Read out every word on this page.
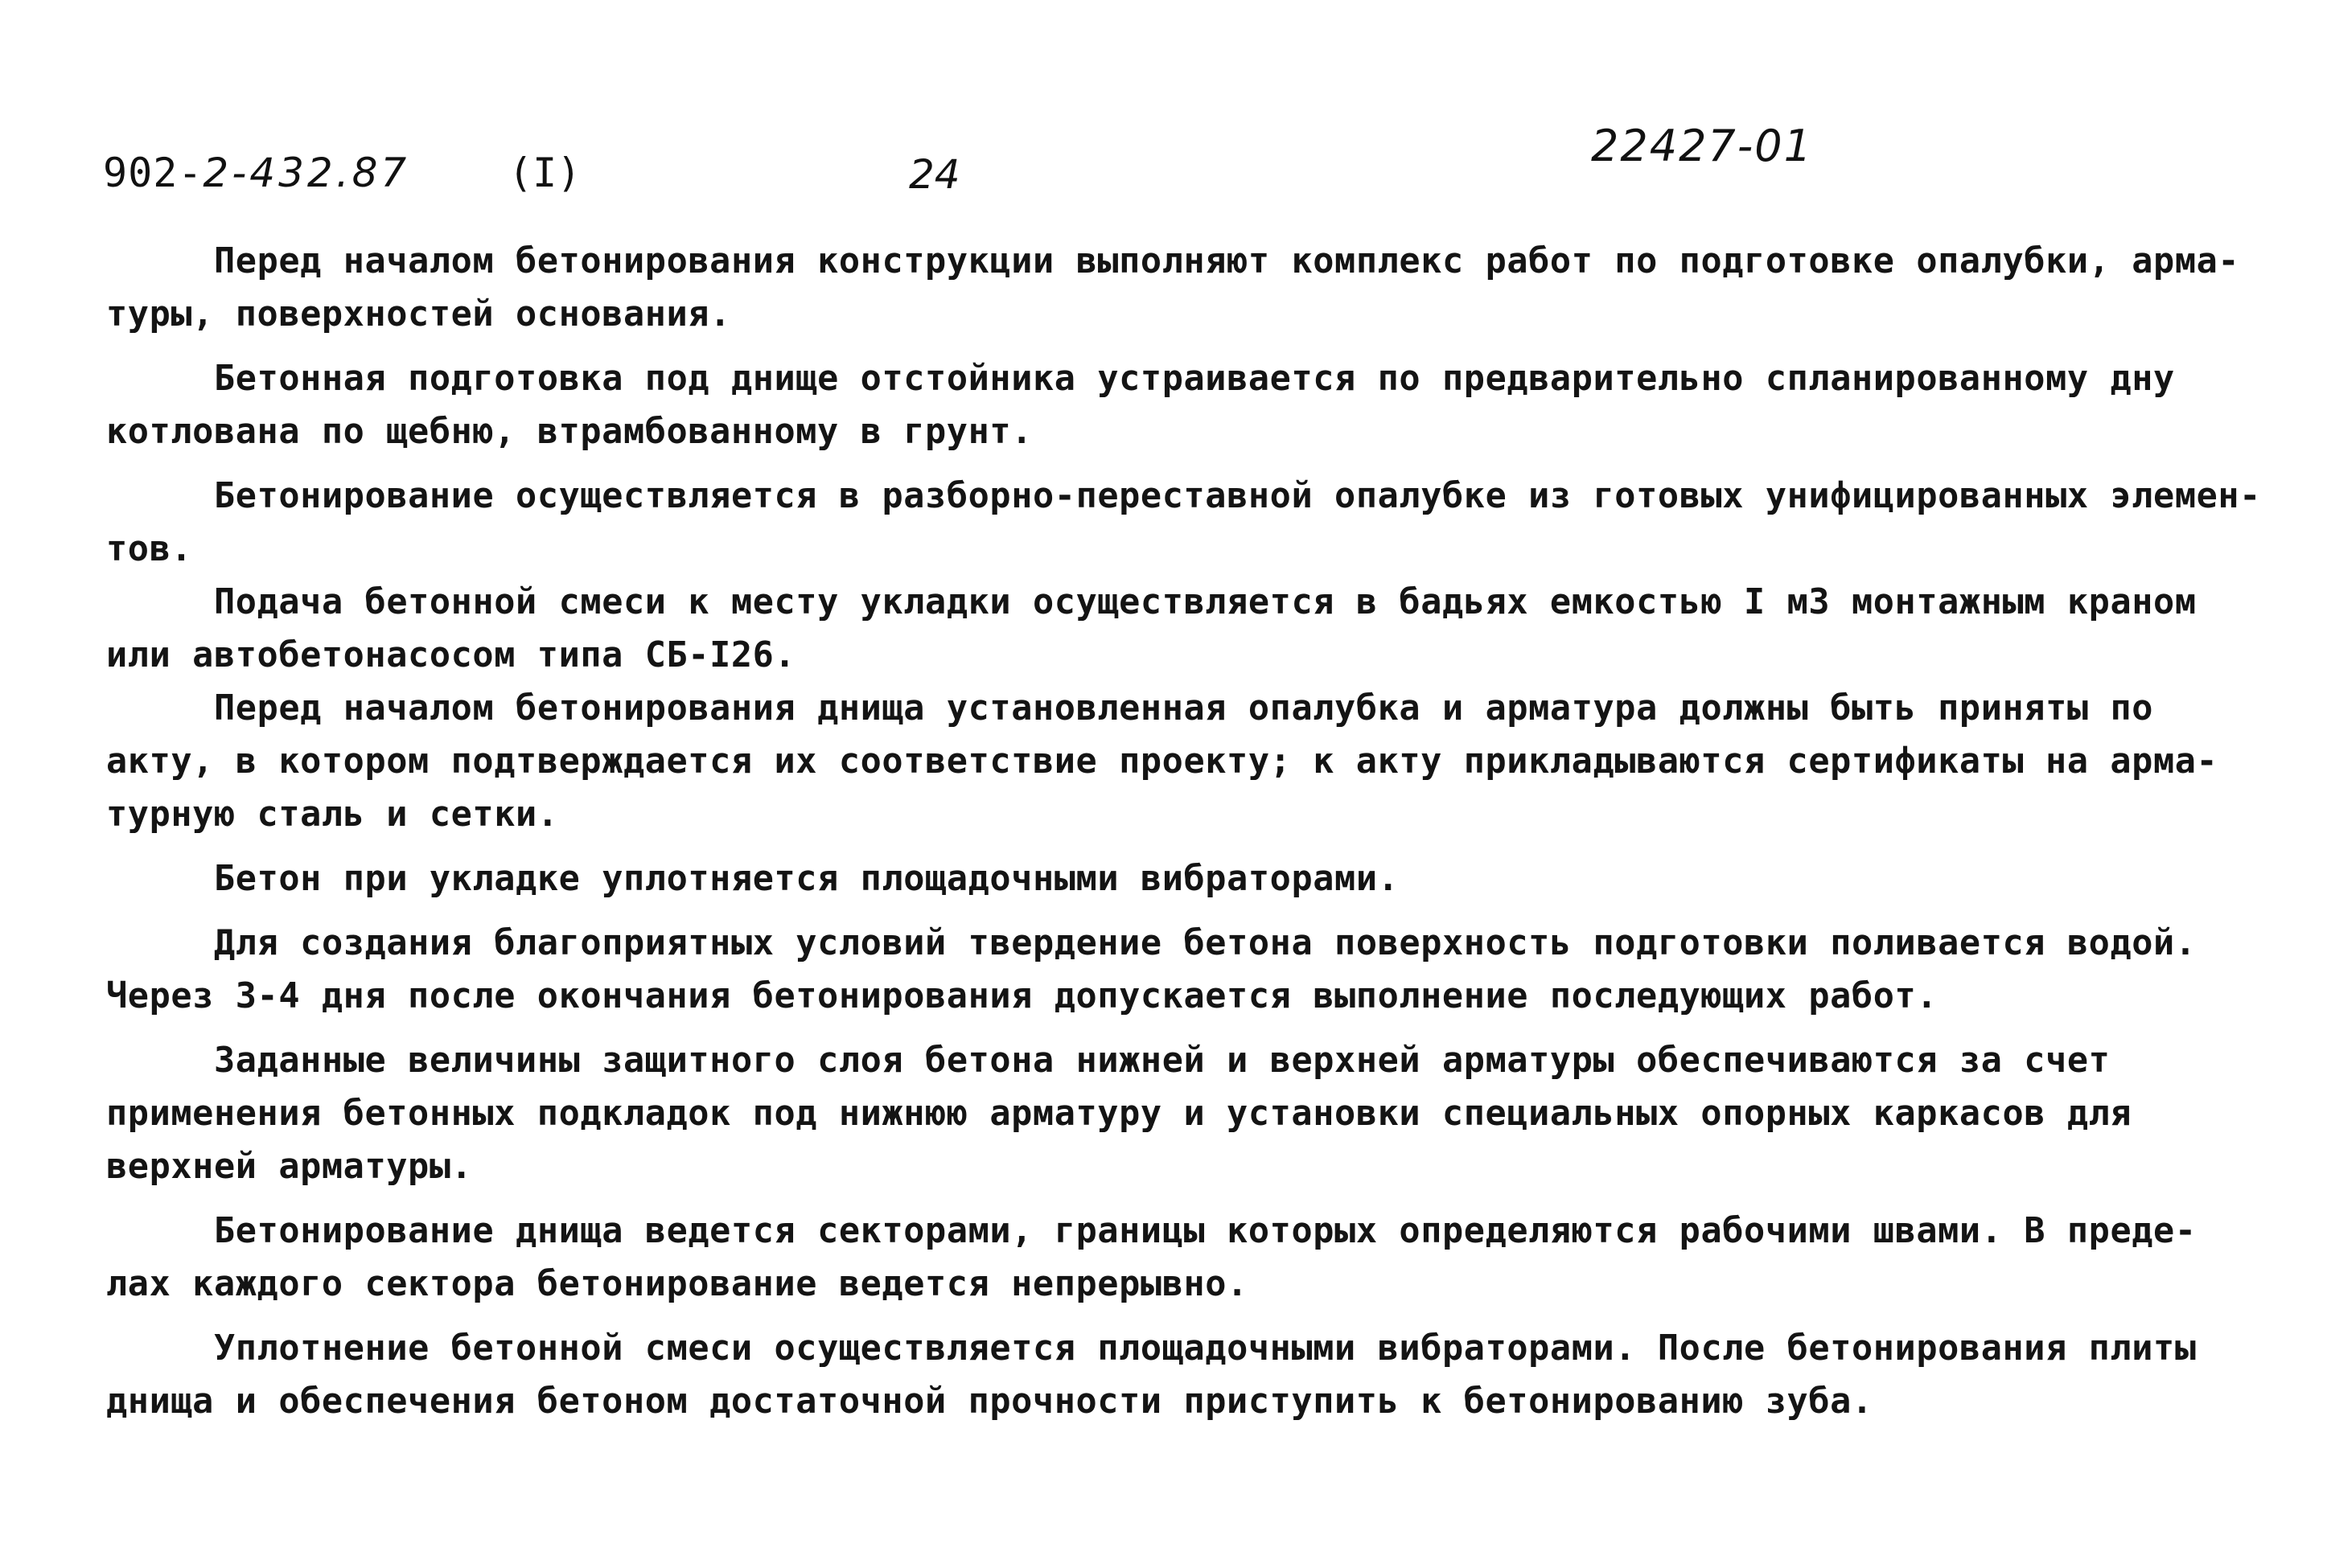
902-2-432.87 (I)	24
22427-01
Перед началом бетонирования конструкции выполняют комплекс работ по подготовке опалубки, арма-
туры, поверхностей основания.
Бетонная подготовка под днище отстойника устраивается по предварительно спланированному дну
котлована по щебню, втрамбованному в грунт.
Бетонирование осуществляется в разборно-переставной опалубке из готовых унифицированных элемен-
тов.
Подача бетонной смеси к месту укладки осуществляется в бадьях емкостью I м3 монтажным краном
или автобетонасосом типа СБ-I26.
Перед началом бетонирования днища установленная опалубка и арматура должны быть приняты по
акту, в котором подтверждается их соответствие проекту; к акту прикладываются сертификаты на арма-
турную сталь и сетки.
Бетон при укладке уплотняется площадочными вибраторами.
Для создания благоприятных условий твердение бетона поверхность подготовки поливается водой.
Через 3-4 дня после окончания бетонирования допускается выполнение последующих работ.
Заданные величины защитного слоя бетона нижней и верхней арматуры обеспечиваются за счет
применения бетонных подкладок под нижнюю арматуру и установки специальных опорных каркасов для
верхней арматуры.
Бетонирование днища ведется секторами, границы которых определяются рабочими швами. В преде-
лах каждого сектора бетонирование ведется непрерывно.
Уплотнение бетонной смеси осуществляется площадочными вибраторами. После бетонирования плиты
днища и обеспечения бетоном достаточной прочности приступить к бетонированию зуба.
